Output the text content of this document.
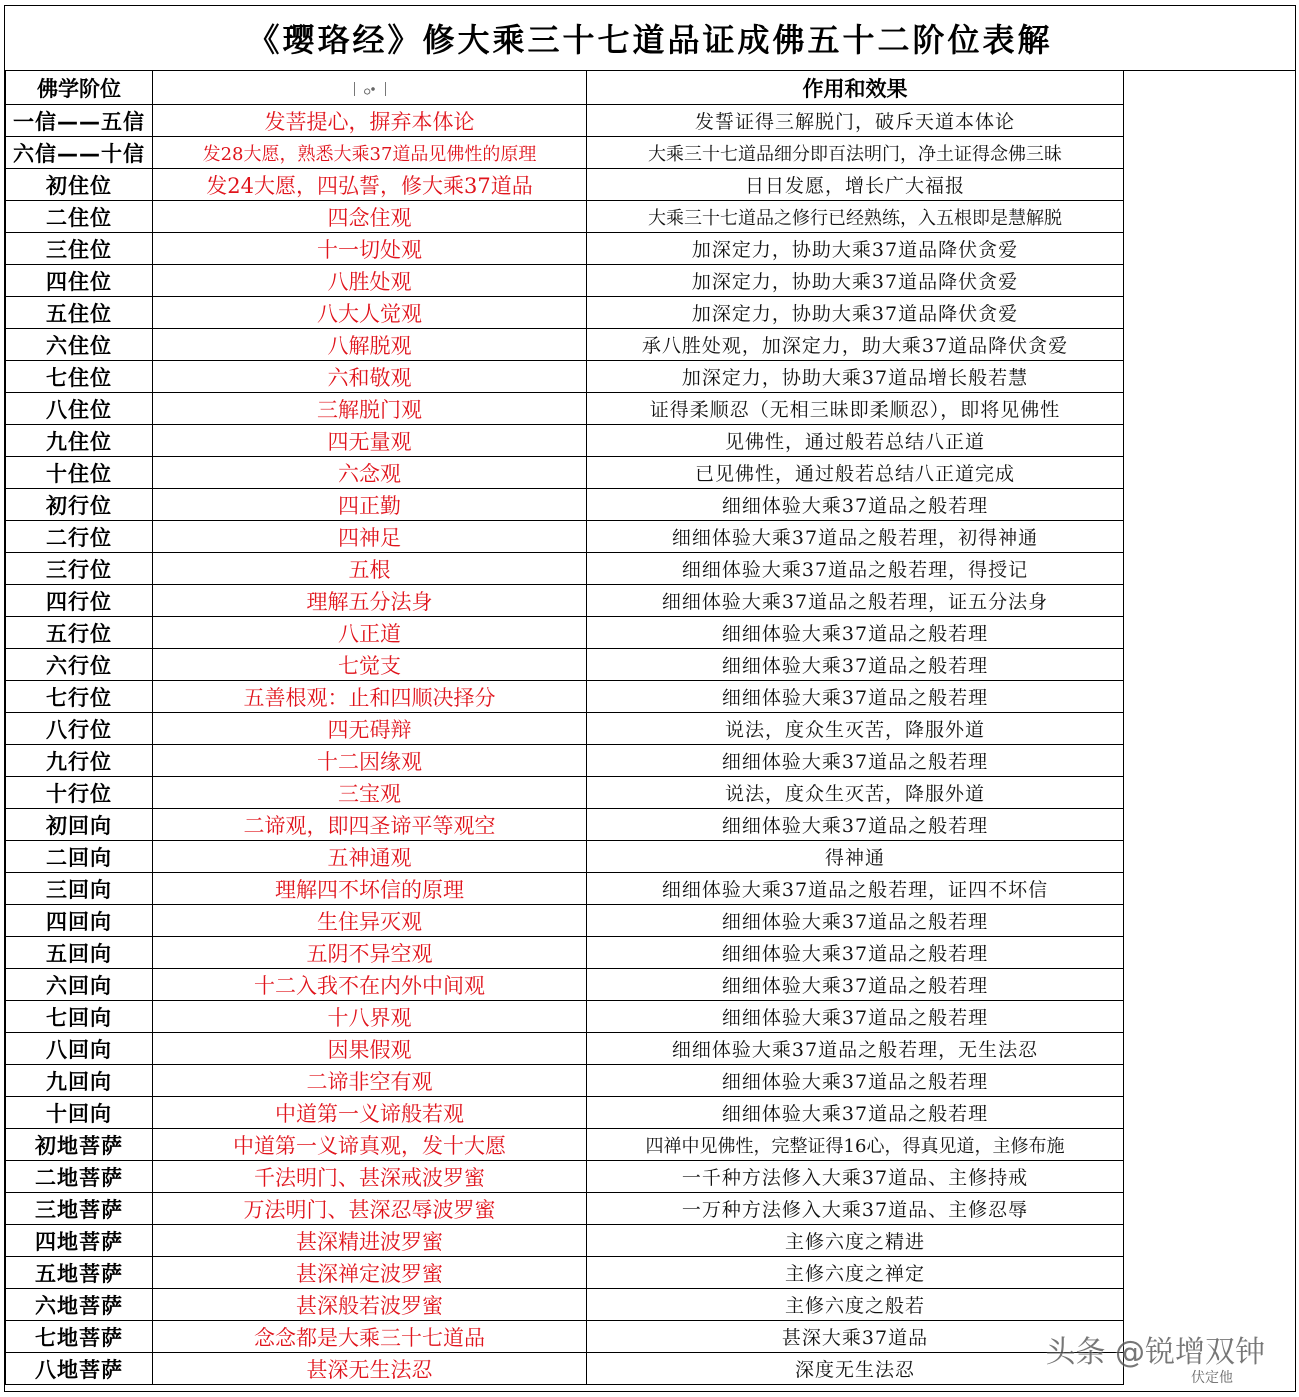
《璎珞经》修大乘三十七道品证成佛五十二阶位表解
佛学阶位	ꢀ	作用和效果	
一信——五信	发菩提心，摒弃本体论	发誓证得三解脱门，破斥天道本体论	
六信——十信	发28大愿，熟悉大乘37道品见佛性的原理	大乘三十七道品细分即百法明门，净土证得念佛三昧	
初住位	发24大愿，四弘誓，修大乘37道品	日日发愿，增长广大福报	
二住位	四念住观	大乘三十七道品之修行已经熟练，入五根即是慧解脱	
三住位	十一切处观	加深定力，协助大乘37道品降伏贪爱	
四住位	八胜处观	加深定力，协助大乘37道品降伏贪爱	
五住位	八大人觉观	加深定力，协助大乘37道品降伏贪爱	
六住位	八解脱观	承八胜处观，加深定力，助大乘37道品降伏贪爱	
七住位	六和敬观	加深定力，协助大乘37道品增长般若慧	
八住位	三解脱门观	证得柔顺忍（无相三昧即柔顺忍），即将见佛性	
九住位	四无量观	见佛性，通过般若总结八正道	
十住位	六念观	已见佛性，通过般若总结八正道完成	
初行位	四正勤	细细体验大乘37道品之般若理	
二行位	四神足	细细体验大乘37道品之般若理，初得神通	
三行位	五根	细细体验大乘37道品之般若理，得授记	
四行位	理解五分法身	细细体验大乘37道品之般若理，证五分法身	
五行位	八正道	细细体验大乘37道品之般若理	
六行位	七觉支	细细体验大乘37道品之般若理	
七行位	五善根观：止和四顺决择分	细细体验大乘37道品之般若理	
八行位	四无碍辩	说法，度众生灭苦，降服外道	
九行位	十二因缘观	细细体验大乘37道品之般若理	
十行位	三宝观	说法，度众生灭苦，降服外道	
初回向	二谛观，即四圣谛平等观空	细细体验大乘37道品之般若理	
二回向	五神通观	得神通	
三回向	理解四不坏信的原理	细细体验大乘37道品之般若理，证四不坏信	
四回向	生住异灭观	细细体验大乘37道品之般若理	
五回向	五阴不异空观	细细体验大乘37道品之般若理	
六回向	十二入我不在内外中间观	细细体验大乘37道品之般若理	
七回向	十八界观	细细体验大乘37道品之般若理	
八回向	因果假观	细细体验大乘37道品之般若理，无生法忍	
九回向	二谛非空有观	细细体验大乘37道品之般若理	
十回向	中道第一义谛般若观	细细体验大乘37道品之般若理	
初地菩萨	中道第一义谛真观，发十大愿	四禅中见佛性，完整证得16心，得真见道，主修布施	
二地菩萨	千法明门、甚深戒波罗蜜	一千种方法修入大乘37道品、主修持戒	
三地菩萨	万法明门、甚深忍辱波罗蜜	一万种方法修入大乘37道品、主修忍辱	
四地菩萨	甚深精进波罗蜜	主修六度之精进	
五地菩萨	甚深禅定波罗蜜	主修六度之禅定	
六地菩萨	甚深般若波罗蜜	主修六度之般若	
七地菩萨	念念都是大乘三十七道品	甚深大乘37道品	
八地菩萨	甚深无生法忍	深度无生法忍		头条 @锐增双钟
伏定他
